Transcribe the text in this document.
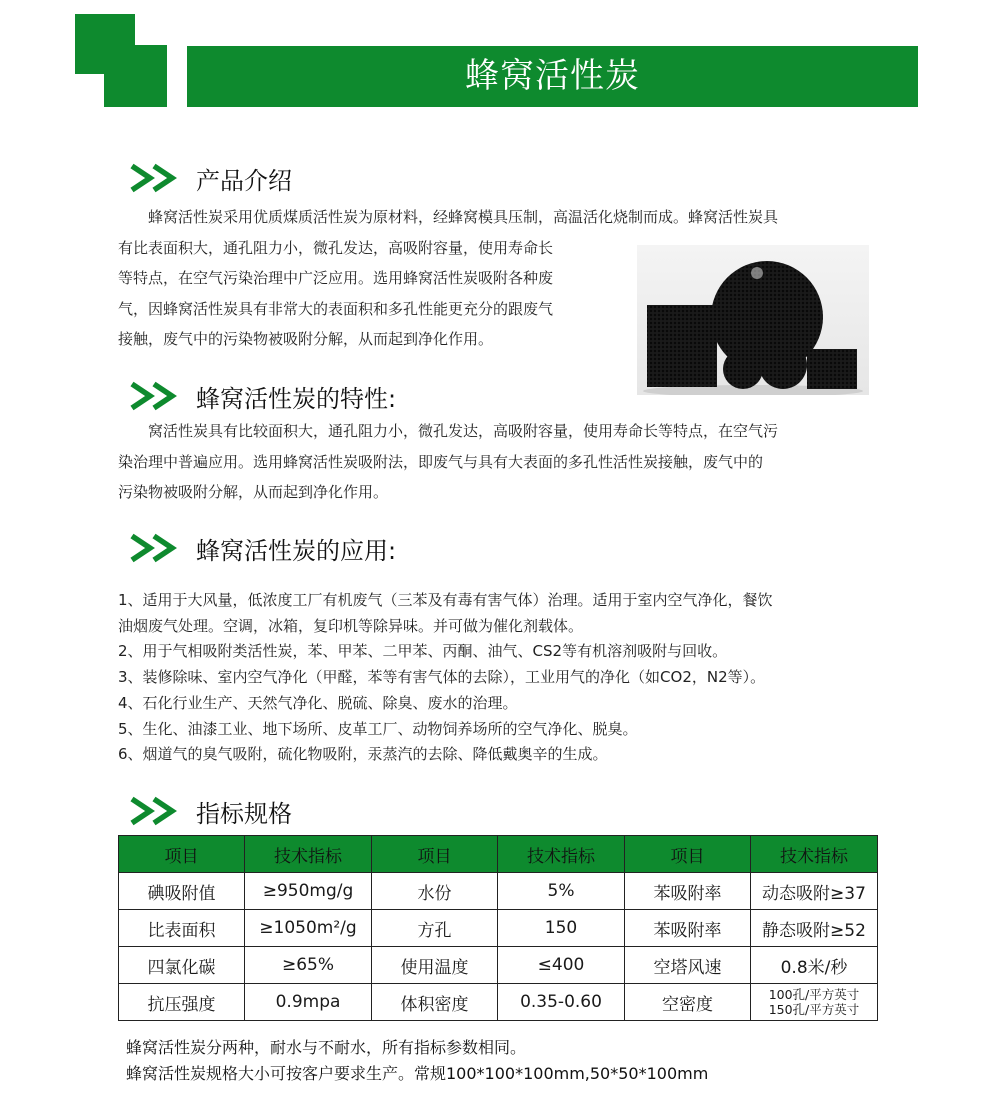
蜂窝活性炭
产品介绍
蜂窝活性炭采用优质煤质活性炭为原材料，经蜂窝模具压制，高温活化烧制而成。蜂窝活性炭具
有比表面积大，通孔阻力小，微孔发达，高吸附容量，使用寿命长
等特点，在空气污染治理中广泛应用。选用蜂窝活性炭吸附各种废
气，因蜂窝活性炭具有非常大的表面积和多孔性能更充分的跟废气
接触，废气中的污染物被吸附分解，从而起到净化作用。
蜂窝活性炭的特性:
窝活性炭具有比较面积大，通孔阻力小，微孔发达，高吸附容量，使用寿命长等特点，在空气污
染治理中普遍应用。选用蜂窝活性炭吸附法，即废气与具有大表面的多孔性活性炭接触，废气中的
污染物被吸附分解，从而起到净化作用。
蜂窝活性炭的应用:
1、适用于大风量，低浓度工厂有机废气（三苯及有毒有害气体）治理。适用于室内空气净化，餐饮
油烟废气处理。空调，冰箱，复印机等除异味。并可做为催化剂载体。
2、用于气相吸附类活性炭，苯、甲苯、二甲苯、丙酮、油气、CS2等有机溶剂吸附与回收。
3、装修除味、室内空气净化（甲醛，苯等有害气体的去除），工业用气的净化（如CO2，N2等）。
4、石化行业生产、天然气净化、脱硫、除臭、废水的治理。
5、生化、油漆工业、地下场所、皮革工厂、动物饲养场所的空气净化、脱臭。
6、烟道气的臭气吸附，硫化物吸附，汞蒸汽的去除、降低戴奥辛的生成。
指标规格
项目	技术指标	项目	技术指标	项目	技术指标
碘吸附值	≥950mg/g	水份	5%	苯吸附率	动态吸附≥37
比表面积	≥1050m²/g	方孔	150	苯吸附率	静态吸附≥52
四氯化碳	≥65%	使用温度	≤400	空塔风速	0.8米/秒
抗压强度	0.9mpa	体积密度	0.35-0.60	空密度	100孔/平方英寸
150孔/平方英寸
蜂窝活性炭分两种，耐水与不耐水，所有指标参数相同。
蜂窝活性炭规格大小可按客户要求生产。常规100*100*100mm,50*50*100mm
